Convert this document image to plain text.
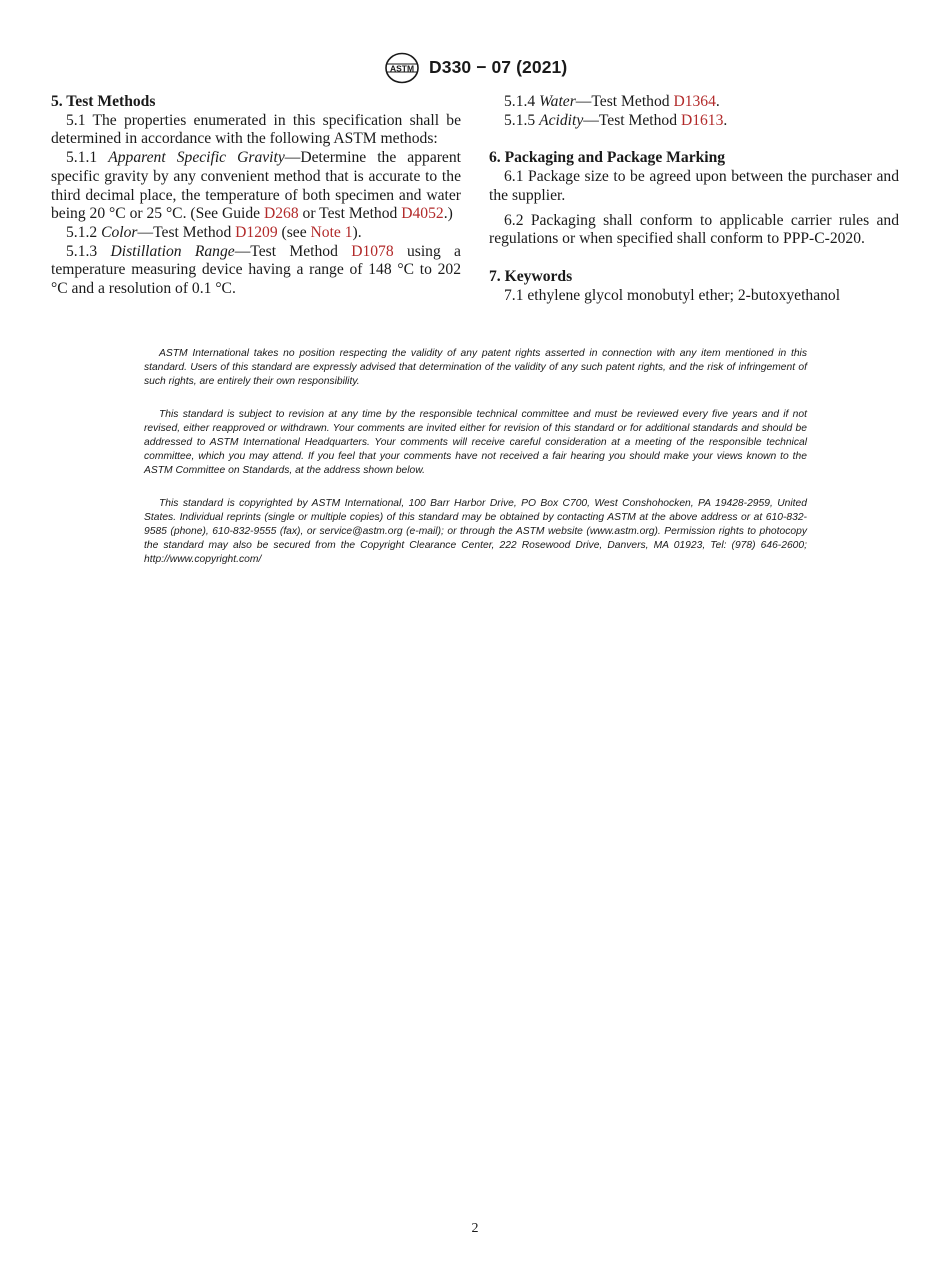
ASTM D330 − 07 (2021)

5. Test Methods

5.1 The properties enumerated in this specification shall be determined in accordance with the following ASTM methods:

5.1.1 Apparent Specific Gravity—Determine the apparent specific gravity by any convenient method that is accurate to the third decimal place, the temperature of both specimen and water being 20 °C or 25 °C. (See Guide D268 or Test Method D4052.)

5.1.2 Color—Test Method D1209 (see Note 1).

5.1.3 Distillation Range—Test Method D1078 using a temperature measuring device having a range of 148 °C to 202 °C and a resolution of 0.1 °C.

5.1.4 Water—Test Method D1364.

5.1.5 Acidity—Test Method D1613.

6. Packaging and Package Marking

6.1 Package size to be agreed upon between the purchaser and the supplier.

6.2 Packaging shall conform to applicable carrier rules and regulations or when specified shall conform to PPP-C-2020.

7. Keywords

7.1 ethylene glycol monobutyl ether; 2-butoxyethanol

ASTM International takes no position respecting the validity of any patent rights asserted in connection with any item mentioned in this standard. Users of this standard are expressly advised that determination of the validity of any such patent rights, and the risk of infringement of such rights, are entirely their own responsibility.

This standard is subject to revision at any time by the responsible technical committee and must be reviewed every five years and if not revised, either reapproved or withdrawn. Your comments are invited either for revision of this standard or for additional standards and should be addressed to ASTM International Headquarters. Your comments will receive careful consideration at a meeting of the responsible technical committee, which you may attend. If you feel that your comments have not received a fair hearing you should make your views known to the ASTM Committee on Standards, at the address shown below.

This standard is copyrighted by ASTM International, 100 Barr Harbor Drive, PO Box C700, West Conshohocken, PA 19428-2959, United States. Individual reprints (single or multiple copies) of this standard may be obtained by contacting ASTM at the above address or at 610-832-9585 (phone), 610-832-9555 (fax), or service@astm.org (e-mail); or through the ASTM website (www.astm.org). Permission rights to photocopy the standard may also be secured from the Copyright Clearance Center, 222 Rosewood Drive, Danvers, MA 01923, Tel: (978) 646-2600; http://www.copyright.com/

2
